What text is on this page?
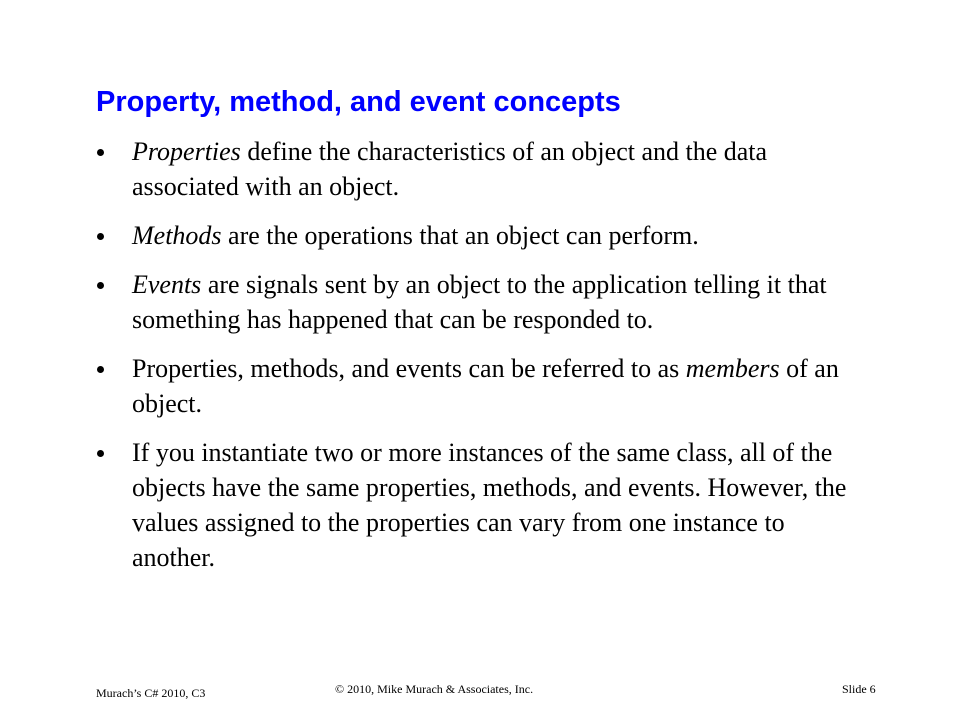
Property, method, and event concepts
Properties define the characteristics of an object and the data associated with an object.
Methods are the operations that an object can perform.
Events are signals sent by an object to the application telling it that something has happened that can be responded to.
Properties, methods, and events can be referred to as members of an object.
If you instantiate two or more instances of the same class, all of the objects have the same properties, methods, and events. However, the values assigned to the properties can vary from one instance to another.
Murach’s C# 2010, C3	© 2010, Mike Murach & Associates, Inc.	Slide 6
